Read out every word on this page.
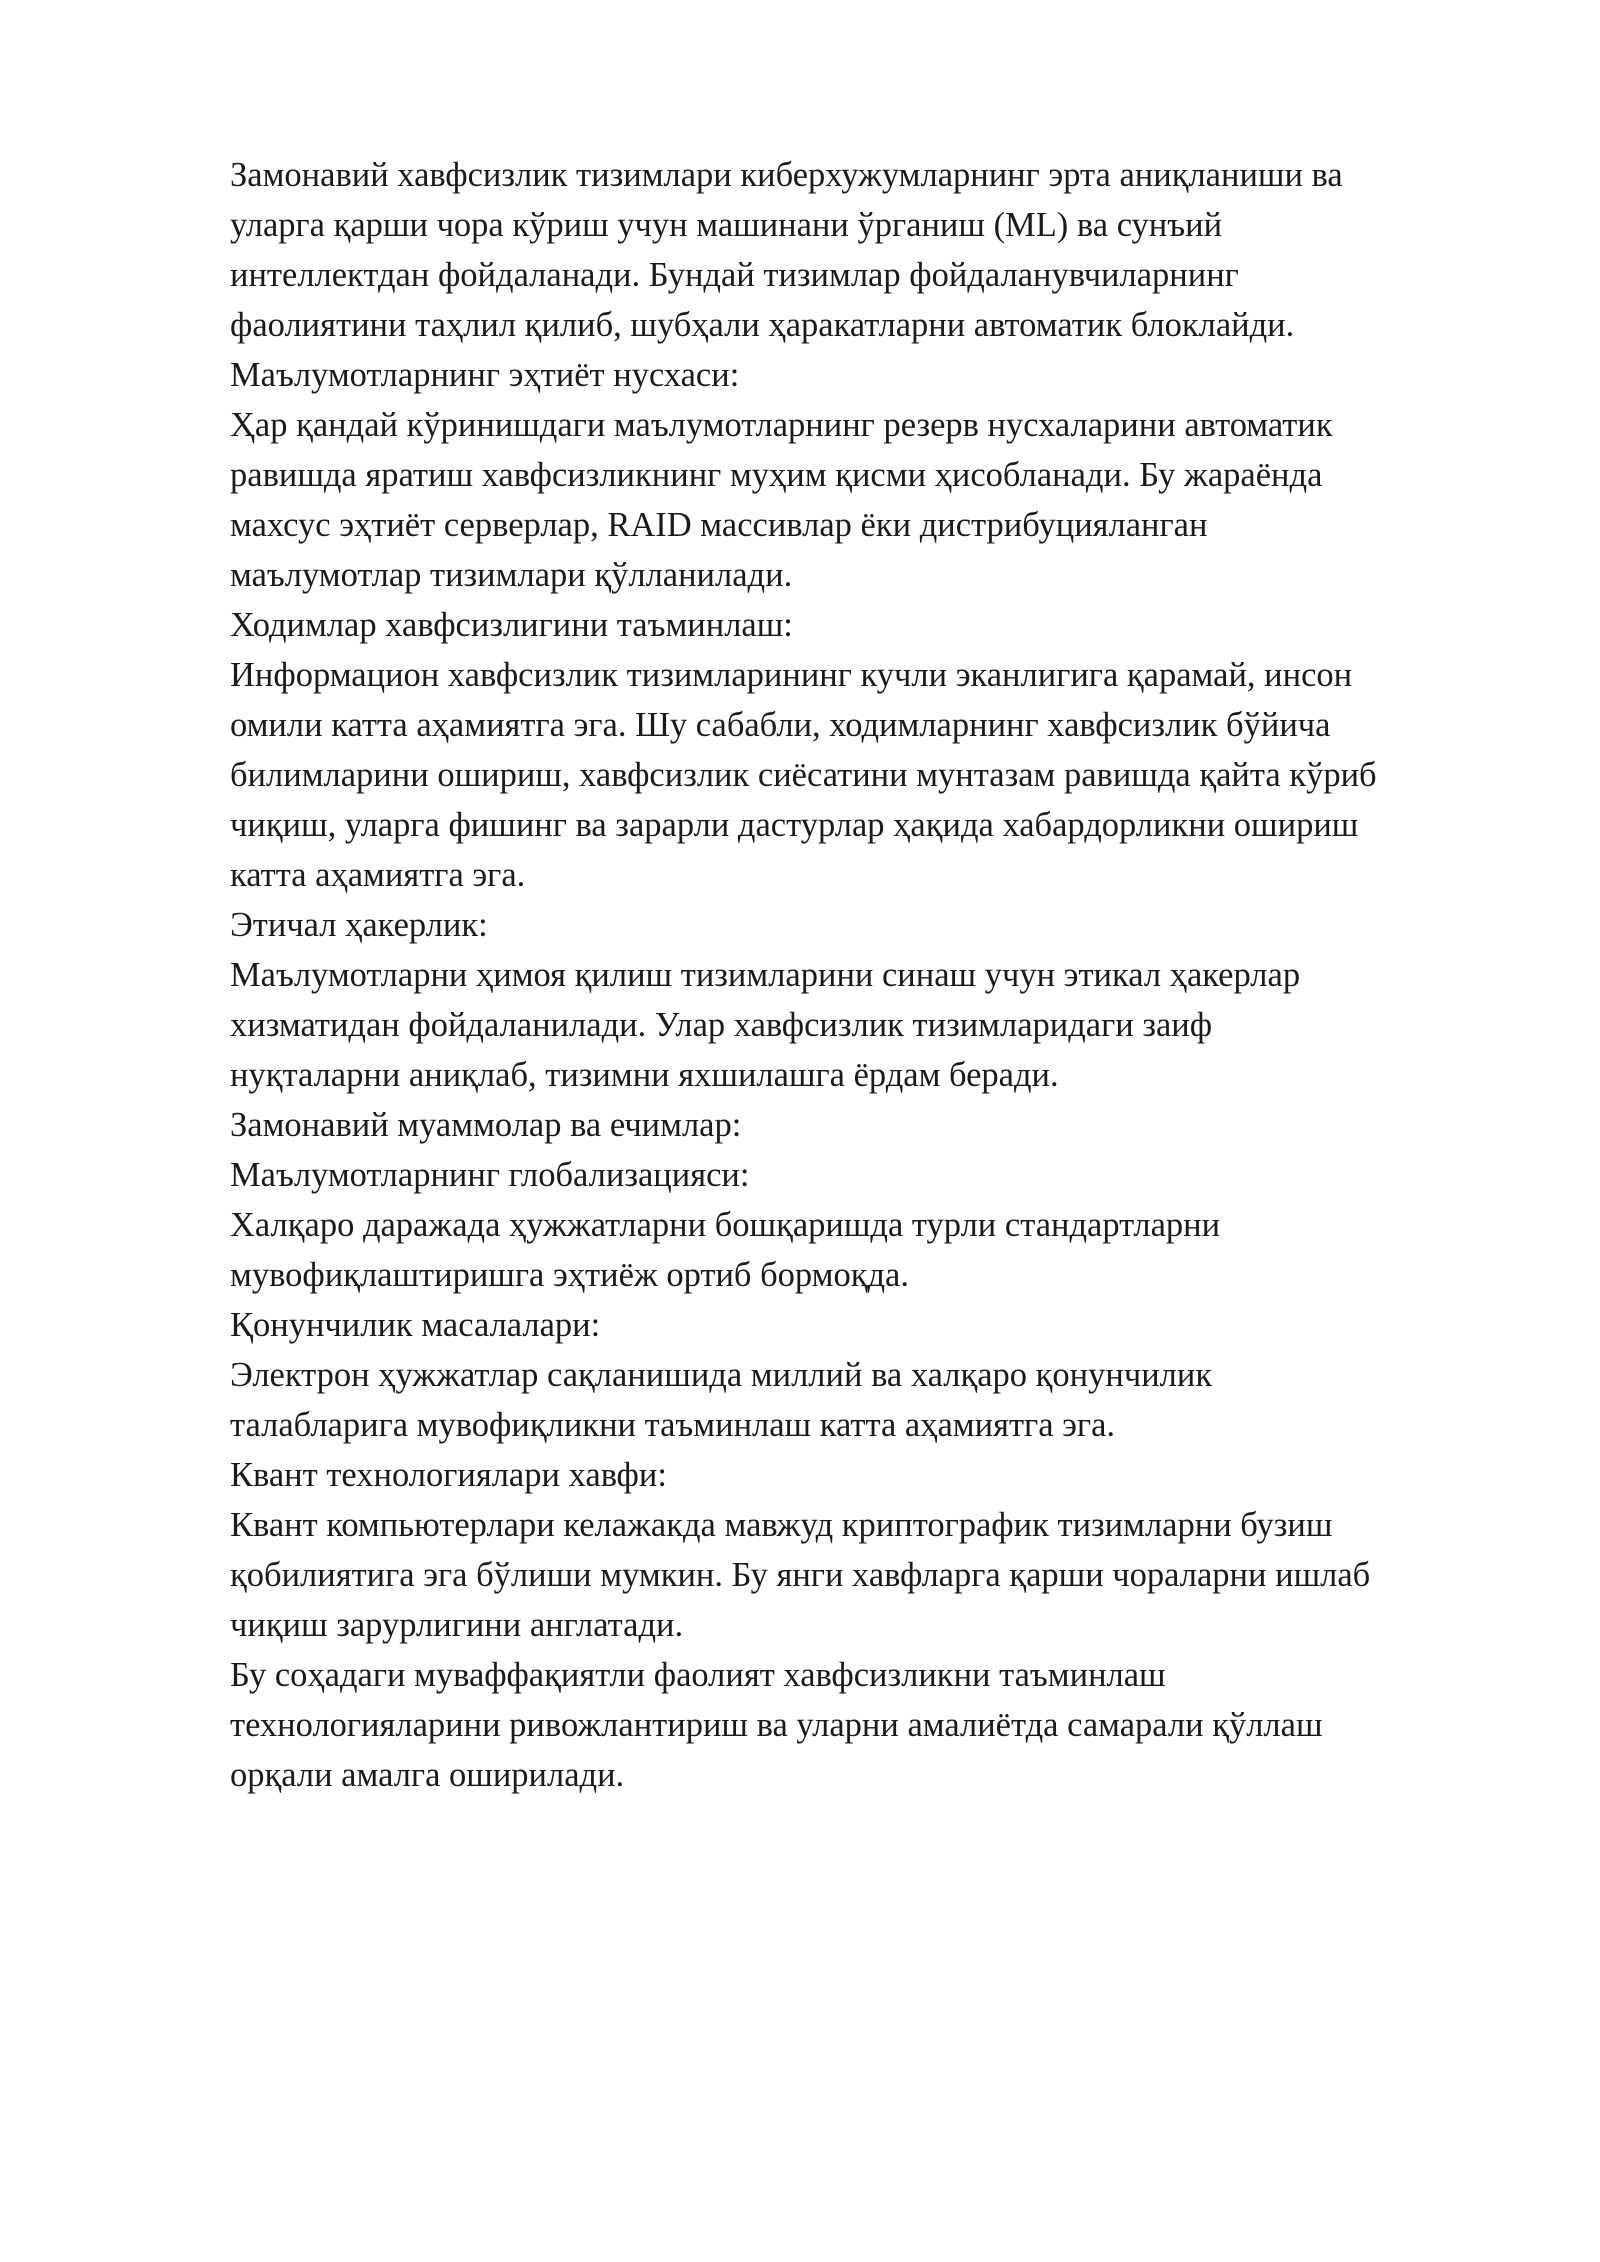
Замонавий хавфсизлик тизимлари киберхужумларнинг эрта аниқланиши ва
уларга қарши чора кўриш учун машинани ўрганиш (ML) ва сунъий
интеллектдан фойдаланади. Бундай тизимлар фойдаланувчиларнинг
фаолиятини таҳлил қилиб, шубҳали ҳаракатларни автоматик блоклайди.
Маълумотларнинг эҳтиёт нусхаси:
Ҳар қандай кўринишдаги маълумотларнинг резерв нусхаларини автоматик
равишда яратиш хавфсизликнинг муҳим қисми ҳисобланади. Бу жараёнда
махсус эҳтиёт серверлар, RAID массивлар ёки дистрибуцияланган
маълумотлар тизимлари қўлланилади.
Ходимлар хавфсизлигини таъминлаш:
Информацион хавфсизлик тизимларининг кучли эканлигига қарамай, инсон
омили катта аҳамиятга эга. Шу сабабли, ходимларнинг хавфсизлик бўйича
билимларини ошириш, хавфсизлик сиёсатини мунтазам равишда қайта кўриб
чиқиш, уларга фишинг ва зарарли дастурлар ҳақида хабардорликни ошириш
катта аҳамиятга эга.
Этичал ҳакерлик:
Маълумотларни ҳимоя қилиш тизимларини синаш учун этикал ҳакерлар
хизматидан фойдаланилади. Улар хавфсизлик тизимларидаги заиф
нуқталарни аниқлаб, тизимни яхшилашга ёрдам беради.
Замонавий муаммолар ва ечимлар:
Маълумотларнинг глобализацияси:
Халқаро даражада ҳужжатларни бошқаришда турли стандартларни
мувофиқлаштиришга эҳтиёж ортиб бормоқда.
Қонунчилик масалалари:
Электрон ҳужжатлар сақланишида миллий ва халқаро қонунчилик
талабларига мувофиқликни таъминлаш катта аҳамиятга эга.
Квант технологиялари хавфи:
Квант компьютерлари келажакда мавжуд криптографик тизимларни бузиш
қобилиятига эга бўлиши мумкин. Бу янги хавфларга қарши чораларни ишлаб
чиқиш зарурлигини англатади.
Бу соҳадаги муваффақиятли фаолият хавфсизликни таъминлаш
технологияларини ривожлантириш ва уларни амалиётда самарали қўллаш
орқали амалга оширилади.
